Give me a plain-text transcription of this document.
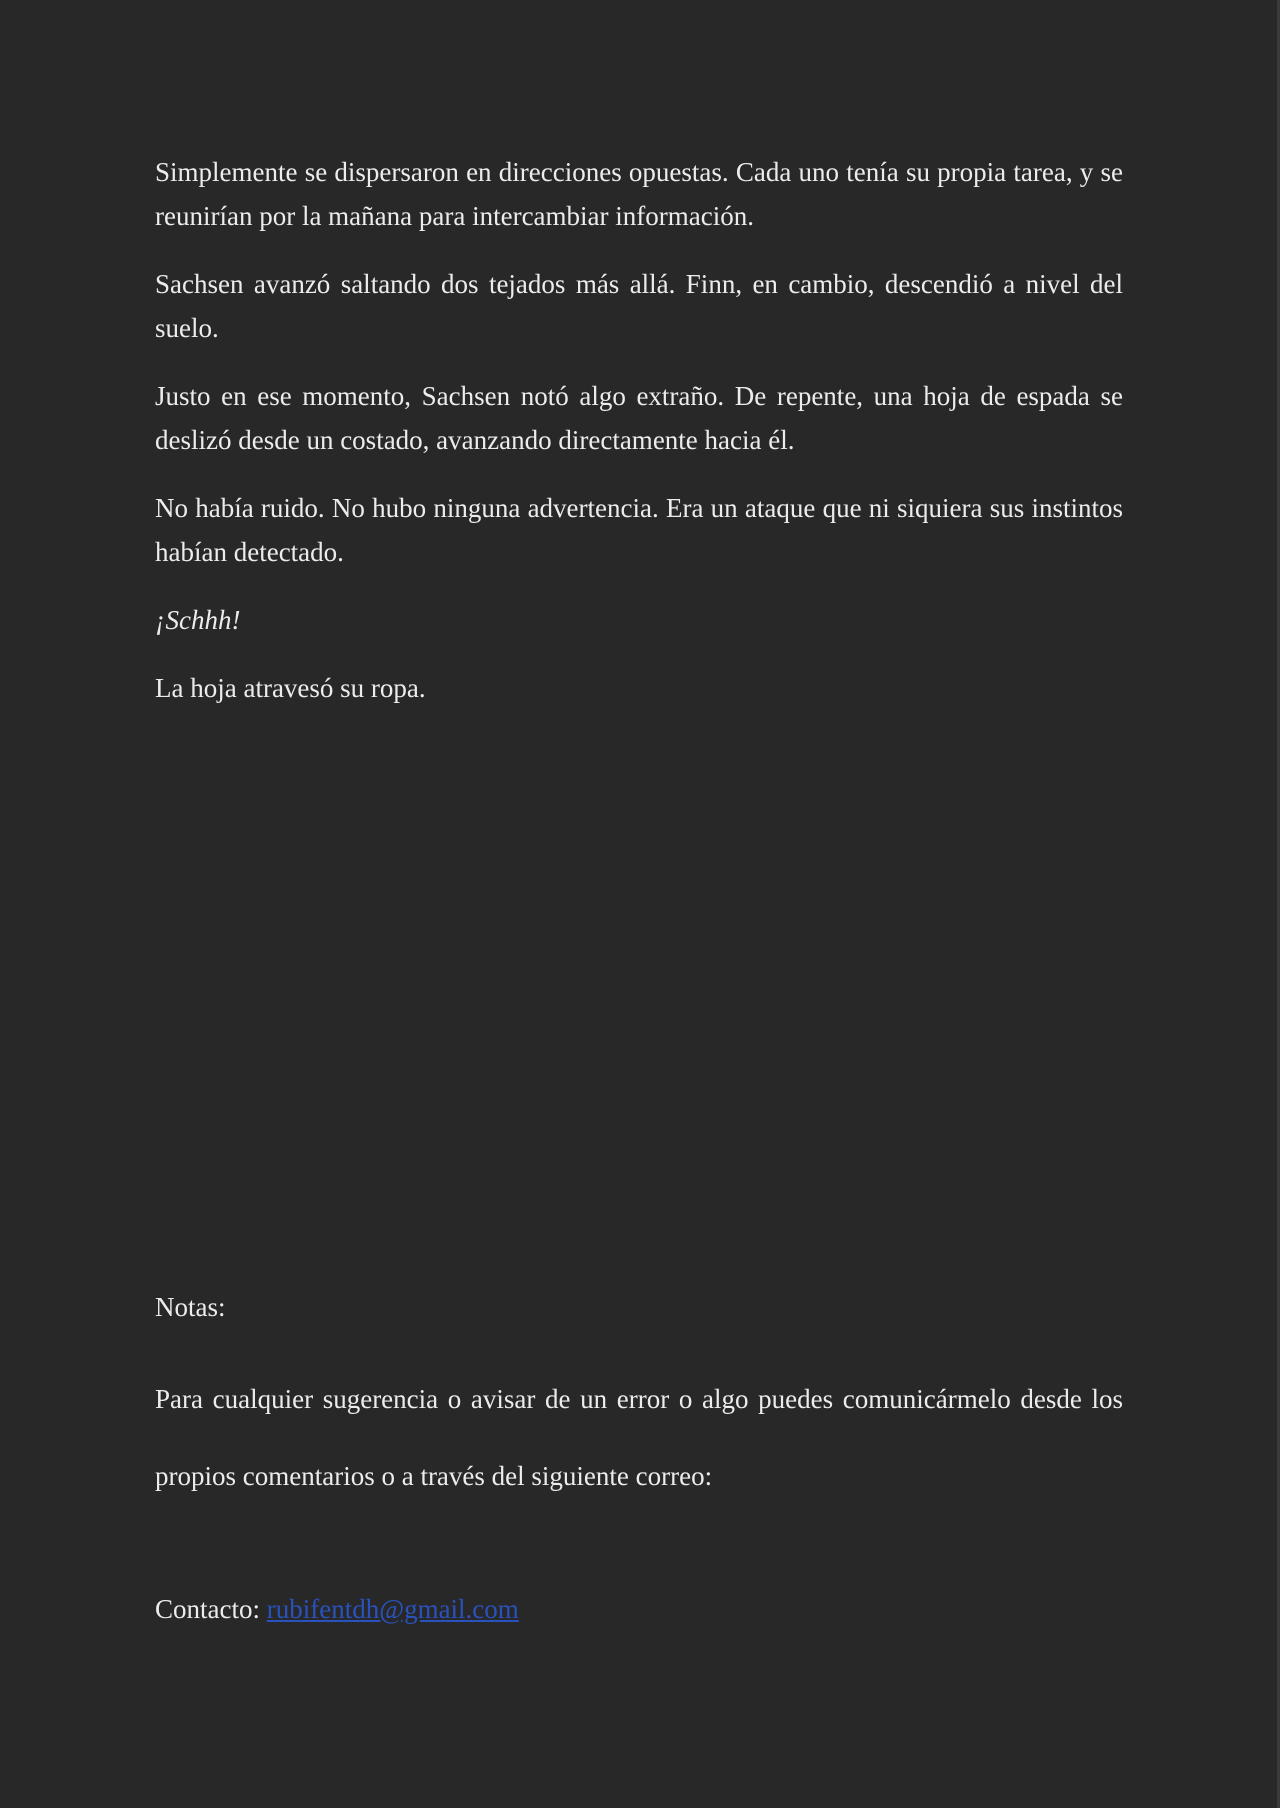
Simplemente se dispersaron en direcciones opuestas. Cada uno tenía su propia tarea, y se reunirían por la mañana para intercambiar información.

Sachsen avanzó saltando dos tejados más allá. Finn, en cambio, descendió a nivel del suelo.

Justo en ese momento, Sachsen notó algo extraño. De repente, una hoja de espada se deslizó desde un costado, avanzando directamente hacia él.

No había ruido. No hubo ninguna advertencia. Era un ataque que ni siquiera sus instintos habían detectado.

¡Schhh!

La hoja atravesó su ropa.

Notas:

Para cualquier sugerencia o avisar de un error o algo puedes comunicármelo desde los propios comentarios o a través del siguiente correo:

Contacto: rubifentdh@gmail.com
